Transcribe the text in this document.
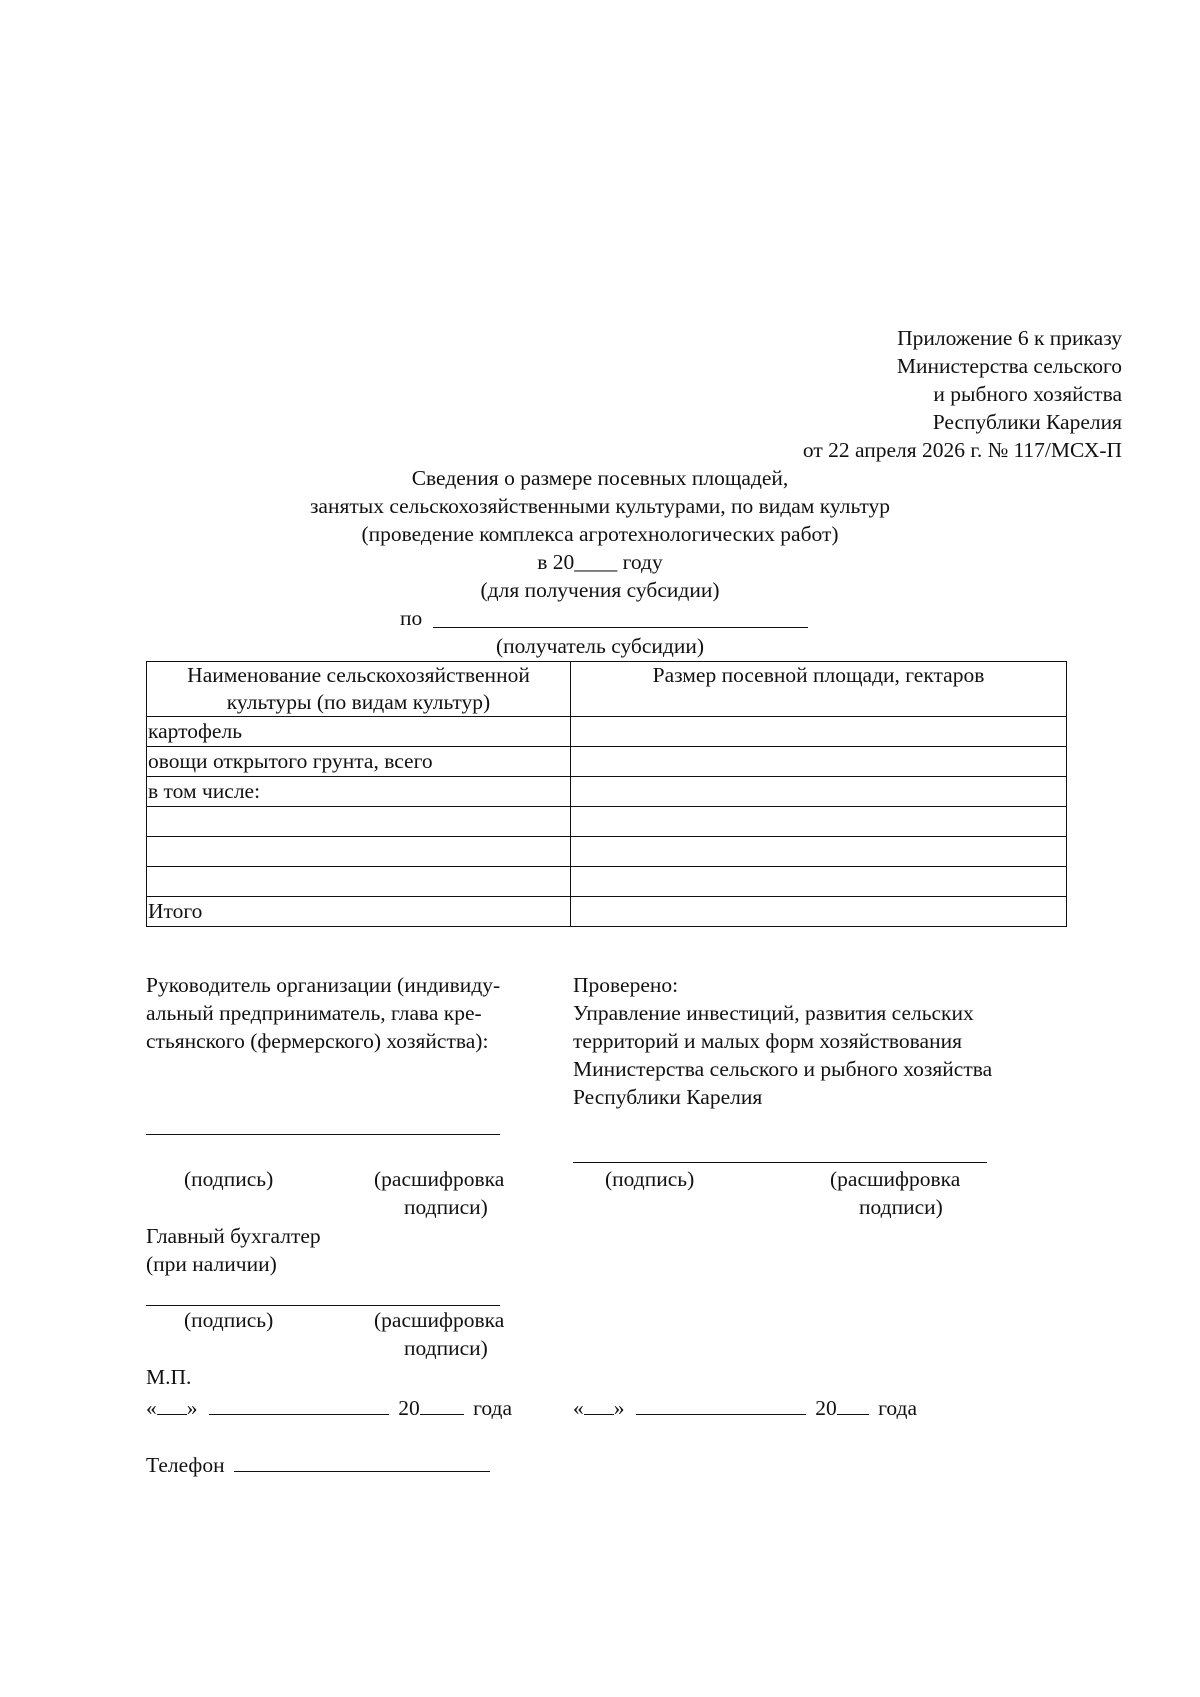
Приложение 6 к приказу
Министерства сельского
и рыбного хозяйства
Республики Карелия
от 22 апреля 2026 г. № 117/МСХ-П
Сведения о размере посевных площадей,
занятых сельскохозяйственными культурами, по видам культур
(проведение комплекса агротехнологических работ)
в 20____ году
(для получения субсидии)
по
(получатель субсидии)
Наименование сельскохозяйственной культуры (по видам культур)	Размер посевной площади, гектаров
картофель	
овощи открытого грунта, всего	
в том числе:	

Итого	
Руководитель организации (индивиду-
альный предприниматель, глава кре-
стьянского (фермерского) хозяйства):
(подпись)	(расшифровка
подписи)
Главный бухгалтер
(при наличии)
(подпись)	(расшифровка
подписи)
М.П.
« »	20 года
Телефон
Проверено:
Управление инвестиций, развития сельских
территорий и малых форм хозяйствования
Министерства сельского и рыбного хозяйства
Республики Карелия
(подпись)	(расшифровка
подписи)
« »	20 года
